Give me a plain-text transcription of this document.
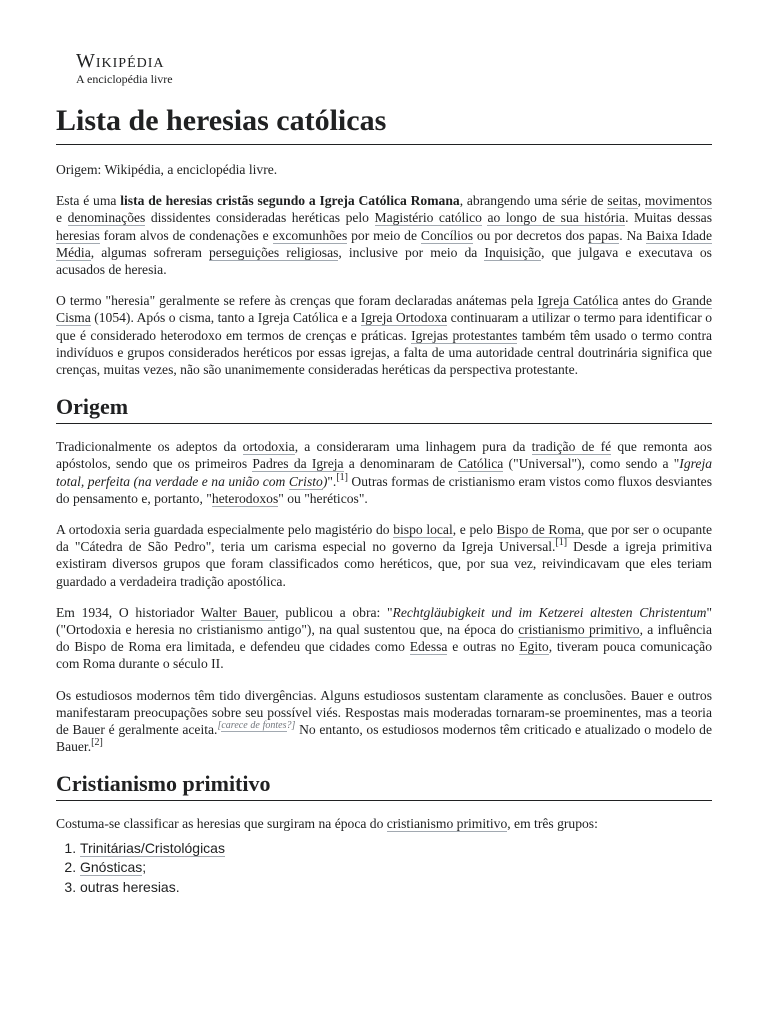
Wikipédia
A enciclopédia livre
Lista de heresias católicas

Origem: Wikipédia, a enciclopédia livre.

Esta é uma lista de heresias cristãs segundo a Igreja Católica Romana, abrangendo uma série de seitas, movimentos e denominações dissidentes consideradas heréticas pelo Magistério católico ao longo de sua história. Muitas dessas heresias foram alvos de condenações e excomunhões por meio de Concílios ou por decretos dos papas. Na Baixa Idade Média, algumas sofreram perseguições religiosas, inclusive por meio da Inquisição, que julgava e executava os acusados de heresia.

O termo "heresia" geralmente se refere às crenças que foram declaradas anátemas pela Igreja Católica antes do Grande Cisma (1054). Após o cisma, tanto a Igreja Católica e a Igreja Ortodoxa continuaram a utilizar o termo para identificar o que é considerado heterodoxo em termos de crenças e práticas. Igrejas protestantes também têm usado o termo contra indivíduos e grupos considerados heréticos por essas igrejas, a falta de uma autoridade central doutrinária significa que crenças, muitas vezes, não são unanimemente consideradas heréticas da perspectiva protestante.

Origem

Tradicionalmente os adeptos da ortodoxia, a consideraram uma linhagem pura da tradição de fé que remonta aos apóstolos, sendo que os primeiros Padres da Igreja a denominaram de Católica ("Universal"), como sendo a "Igreja total, perfeita (na verdade e na união com Cristo)".[1] Outras formas de cristianismo eram vistos como fluxos desviantes do pensamento e, portanto, "heterodoxos" ou "heréticos".

A ortodoxia seria guardada especialmente pelo magistério do bispo local, e pelo Bispo de Roma, que por ser o ocupante da "Cátedra de São Pedro", teria um carisma especial no governo da Igreja Universal.[1] Desde a igreja primitiva existiram diversos grupos que foram classificados como heréticos, que, por sua vez, reivindicavam que eles teriam guardado a verdadeira tradição apostólica.

Em 1934, O historiador Walter Bauer, publicou a obra: "Rechtgläubigkeit und im Ketzerei altesten Christentum" ("Ortodoxia e heresia no cristianismo antigo"), na qual sustentou que, na época do cristianismo primitivo, a influência do Bispo de Roma era limitada, e defendeu que cidades como Edessa e outras no Egito, tiveram pouca comunicação com Roma durante o século II.

Os estudiosos modernos têm tido divergências. Alguns estudiosos sustentam claramente as conclusões. Bauer e outros manifestaram preocupações sobre seu possível viés. Respostas mais moderadas tornaram-se proeminentes, mas a teoria de Bauer é geralmente aceita.[carece de fontes?] No entanto, os estudiosos modernos têm criticado e atualizado o modelo de Bauer.[2]

Cristianismo primitivo

Costuma-se classificar as heresias que surgiram na época do cristianismo primitivo, em três grupos:

1. Trinitárias/Cristológicas
2. Gnósticas;
3. outras heresias.
